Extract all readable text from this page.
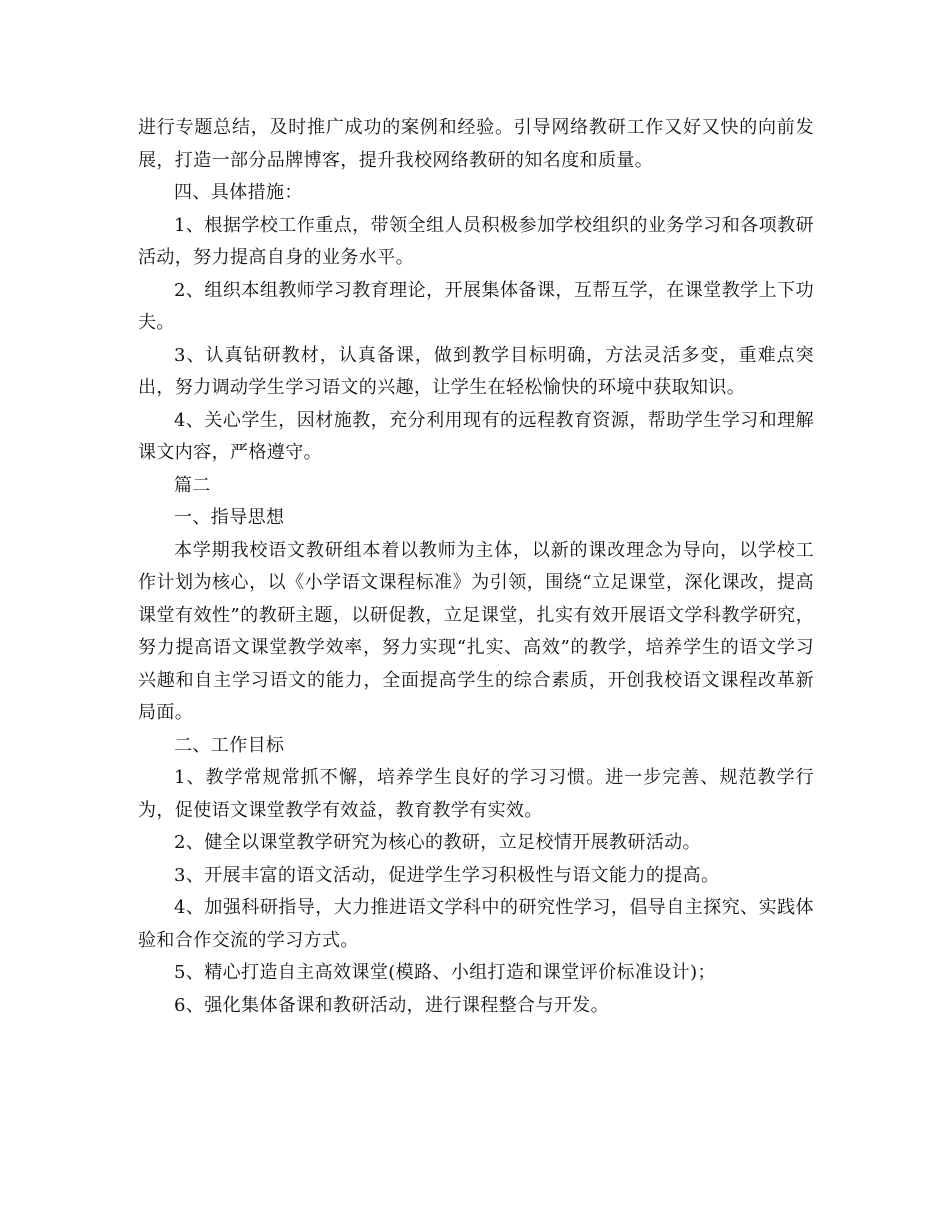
进行专题总结，及时推广成功的案例和经验。引导网络教研工作又好又快的向前发展，打造一部分品牌博客，提升我校网络教研的知名度和质量。

四、具体措施：

1、根据学校工作重点，带领全组人员积极参加学校组织的业务学习和各项教研活动，努力提高自身的业务水平。

2、组织本组教师学习教育理论，开展集体备课，互帮互学，在课堂教学上下功夫。

3、认真钻研教材，认真备课，做到教学目标明确，方法灵活多变，重难点突出，努力调动学生学习语文的兴趣，让学生在轻松愉快的环境中获取知识。

4、关心学生，因材施教，充分利用现有的远程教育资源，帮助学生学习和理解课文内容，严格遵守。

篇二

一、指导思想

本学期我校语文教研组本着以教师为主体，以新的课改理念为导向，以学校工作计划为核心，以《小学语文课程标准》为引领，围绕“立足课堂，深化课改，提高课堂有效性”的教研主题，以研促教，立足课堂，扎实有效开展语文学科教学研究，努力提高语文课堂教学效率，努力实现“扎实、高效”的教学，培养学生的语文学习兴趣和自主学习语文的能力，全面提高学生的综合素质，开创我校语文课程改革新局面。

二、工作目标

1、教学常规常抓不懈，培养学生良好的学习习惯。进一步完善、规范教学行为，促使语文课堂教学有效益，教育教学有实效。

2、健全以课堂教学研究为核心的教研，立足校情开展教研活动。

3、开展丰富的语文活动，促进学生学习积极性与语文能力的提高。

4、加强科研指导，大力推进语文学科中的研究性学习，倡导自主探究、实践体验和合作交流的学习方式。

5、精心打造自主高效课堂(模路、小组打造和课堂评价标准设计)；

6、强化集体备课和教研活动，进行课程整合与开发。
